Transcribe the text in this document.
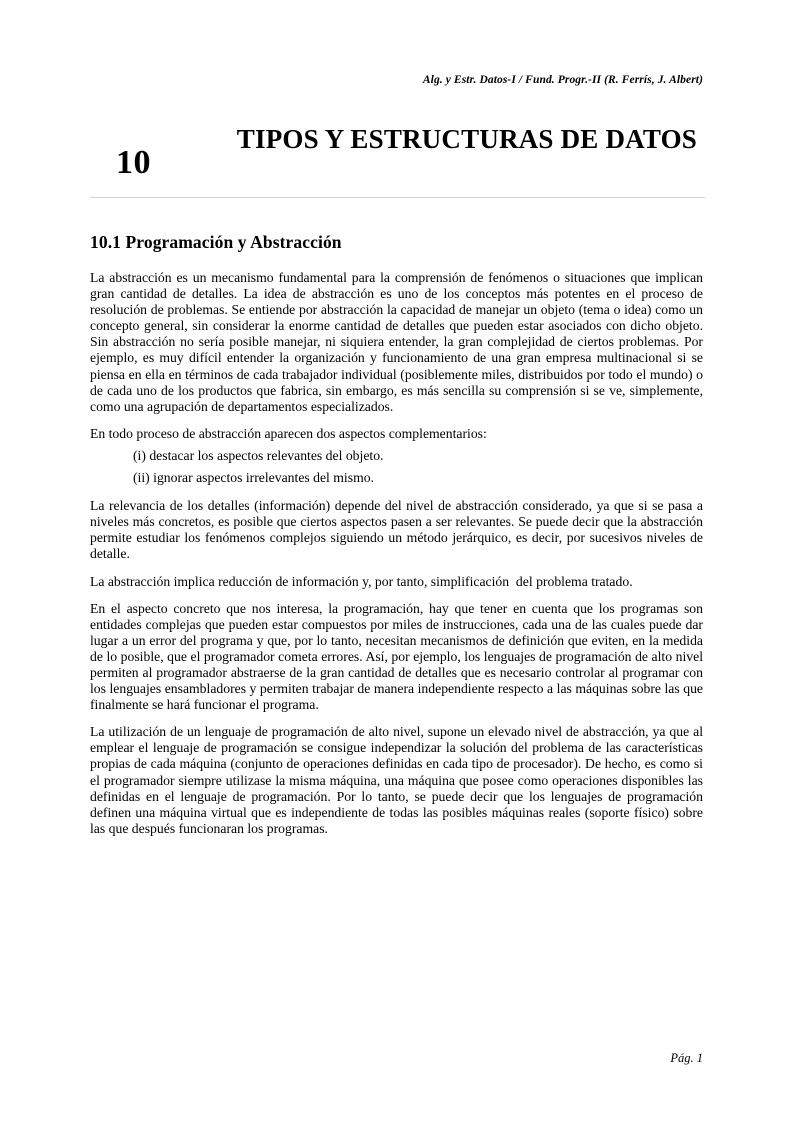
Alg. y Estr. Datos-I / Fund. Progr.-II (R. Ferrís, J. Albert)
10
TIPOS Y ESTRUCTURAS DE DATOS
10.1 Programación y Abstracción

La abstracción es un mecanismo fundamental para la comprensión de fenómenos o situaciones que implican gran cantidad de detalles. La idea de abstracción es uno de los conceptos más potentes en el proceso de resolución de problemas. Se entiende por abstracción la capacidad de manejar un objeto (tema o idea) como un concepto general, sin considerar la enorme cantidad de detalles que pueden estar asociados con dicho objeto. Sin abstracción no sería posible manejar, ni siquiera entender, la gran complejidad de ciertos problemas. Por ejemplo, es muy difícil entender la organización y funcionamiento de una gran empresa multinacional si se piensa en ella en términos de cada trabajador individual (posiblemente miles, distribuidos por todo el mundo) o de cada uno de los productos que fabrica, sin embargo, es más sencilla su comprensión si se ve, simplemente, como una agrupación de departamentos especializados.

En todo proceso de abstracción aparecen dos aspectos complementarios:

(i) destacar los aspectos relevantes del objeto.

(ii) ignorar aspectos irrelevantes del mismo.

La relevancia de los detalles (información) depende del nivel de abstracción considerado, ya que si se pasa a niveles más concretos, es posible que ciertos aspectos pasen a ser relevantes. Se puede decir que la abstracción permite estudiar los fenómenos complejos siguiendo un método jerárquico, es decir, por sucesivos niveles de detalle.

La abstracción implica reducción de información y, por tanto, simplificación  del problema tratado.

En el aspecto concreto que nos interesa, la programación, hay que tener en cuenta que los programas son entidades complejas que pueden estar compuestos por miles de instrucciones, cada una de las cuales puede dar lugar a un error del programa y que, por lo tanto, necesitan mecanismos de definición que eviten, en la medida de lo posible, que el programador cometa errores. Así, por ejemplo, los lenguajes de programación de alto nivel permiten al programador abstraerse de la gran cantidad de detalles que es necesario controlar al programar con los lenguajes ensambladores y permiten trabajar de manera independiente respecto a las máquinas sobre las que finalmente se hará funcionar el programa.

La utilización de un lenguaje de programación de alto nivel, supone un elevado nivel de abstracción, ya que al emplear el lenguaje de programación se consigue independizar la solución del problema de las características propias de cada máquina (conjunto de operaciones definidas en cada tipo de procesador). De hecho, es como si el programador siempre utilizase la misma máquina, una máquina que posee como operaciones disponibles las definidas en el lenguaje de programación. Por lo tanto, se puede decir que los lenguajes de programación definen una máquina virtual que es independiente de todas las posibles máquinas reales (soporte físico) sobre las que después funcionaran los programas.

Pág. 1
